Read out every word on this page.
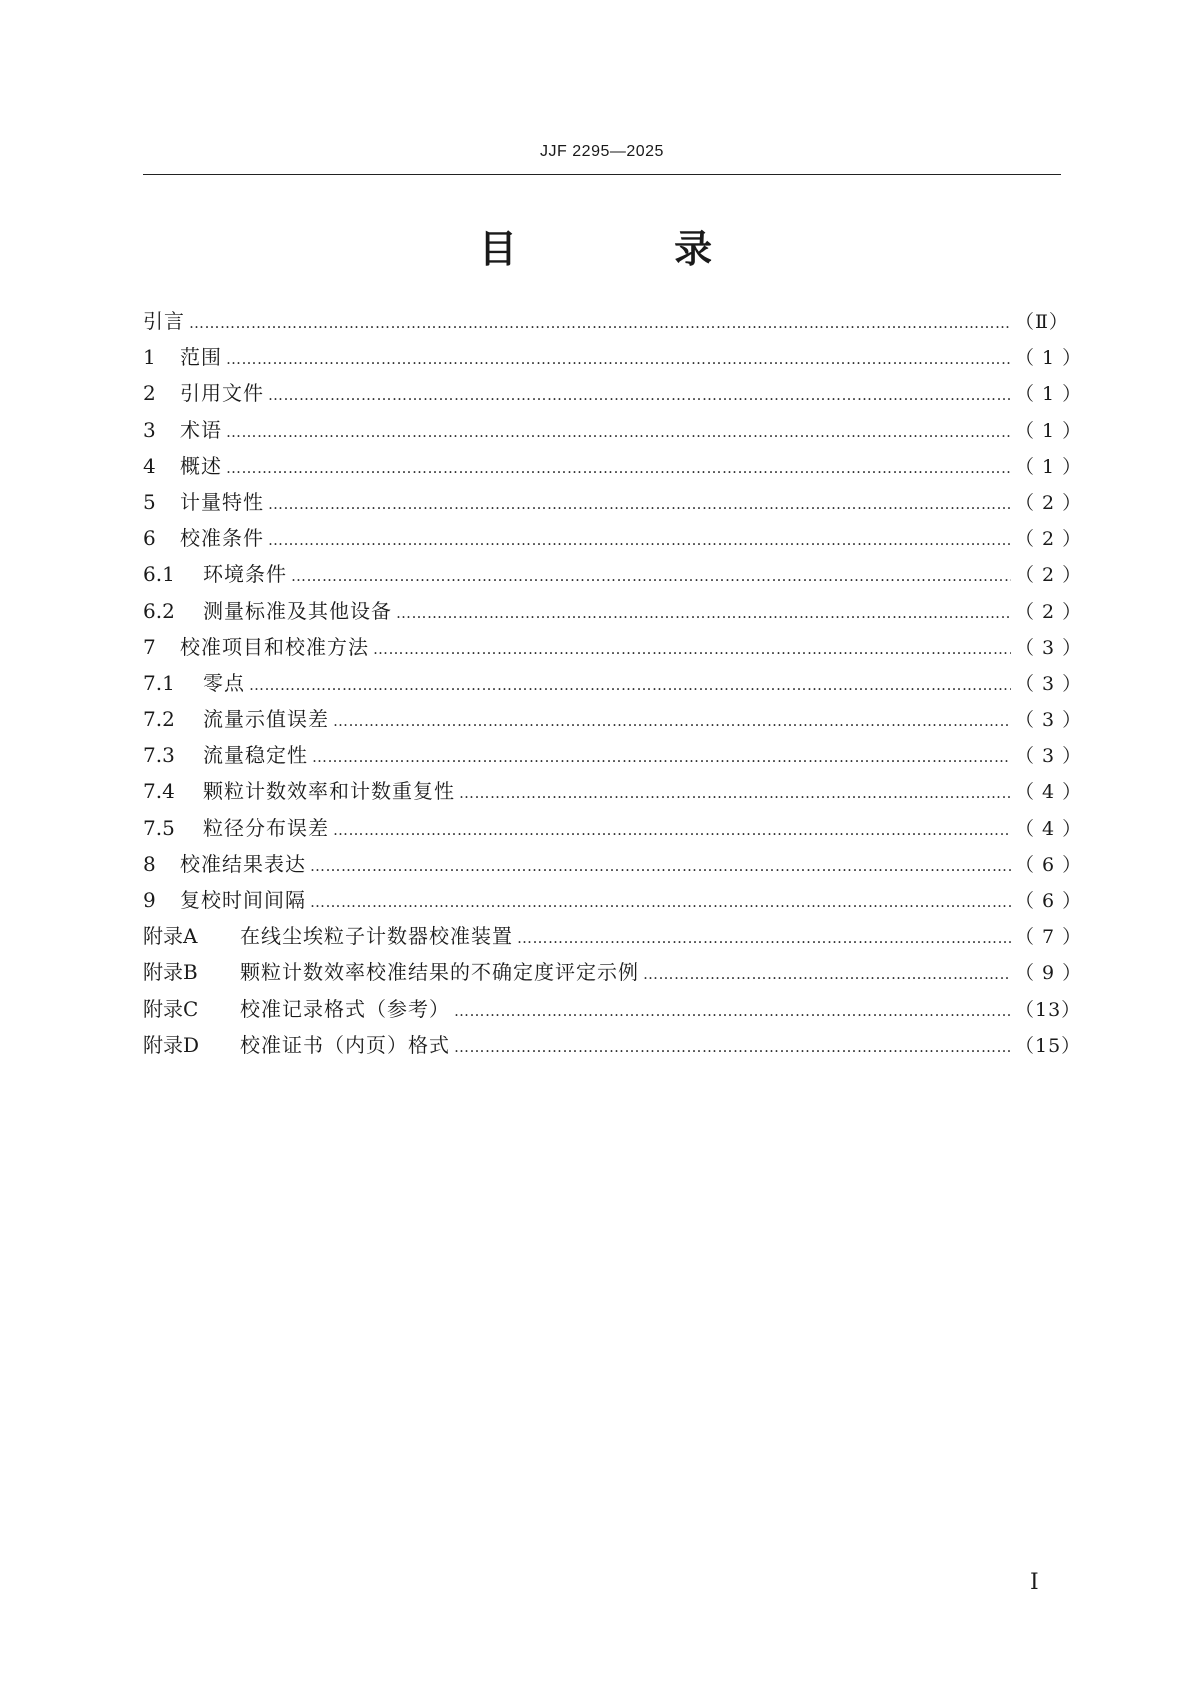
JJF 2295—2025
目 录
引言 ……………………………………………………………………………………………………………………………………………………………………………………………………………………	（Ⅱ）
1	范围 ……………………………………………………………………………………………………………………………………………………………………………………………………………………	（ 1 ）
2	引用文件 ……………………………………………………………………………………………………………………………………………………………………………………………………………………	（ 1 ）
3	术语 ……………………………………………………………………………………………………………………………………………………………………………………………………………………	（ 1 ）
4	概述 ……………………………………………………………………………………………………………………………………………………………………………………………………………………	（ 1 ）
5	计量特性 ……………………………………………………………………………………………………………………………………………………………………………………………………………………	（ 2 ）
6	校准条件 ……………………………………………………………………………………………………………………………………………………………………………………………………………………	（ 2 ）
6.1	环境条件 ……………………………………………………………………………………………………………………………………………………………………………………………………………………	（ 2 ）
6.2	测量标准及其他设备 ……………………………………………………………………………………………………………………………………………………………………………………………………………………	（ 2 ）
7	校准项目和校准方法 ……………………………………………………………………………………………………………………………………………………………………………………………………………………	（ 3 ）
7.1	零点 ……………………………………………………………………………………………………………………………………………………………………………………………………………………	（ 3 ）
7.2	流量示值误差 ……………………………………………………………………………………………………………………………………………………………………………………………………………………	（ 3 ）
7.3	流量稳定性 ……………………………………………………………………………………………………………………………………………………………………………………………………………………	（ 3 ）
7.4	颗粒计数效率和计数重复性 ……………………………………………………………………………………………………………………………………………………………………………………………………………………	（ 4 ）
7.5	粒径分布误差 ……………………………………………………………………………………………………………………………………………………………………………………………………………………	（ 4 ）
8	校准结果表达 ……………………………………………………………………………………………………………………………………………………………………………………………………………………	（ 6 ）
9	复校时间间隔 ……………………………………………………………………………………………………………………………………………………………………………………………………………………	（ 6 ）
附录A	在线尘埃粒子计数器校准装置 ……………………………………………………………………………………………………………………………………………………………………………………………………………………	（ 7 ）
附录B	颗粒计数效率校准结果的不确定度评定示例 ……………………………………………………………………………………………………………………………………………………………………………………………………………………	（ 9 ）
附录C	校准记录格式（参考） ……………………………………………………………………………………………………………………………………………………………………………………………………………………	（13）
附录D	校准证书（内页）格式 ……………………………………………………………………………………………………………………………………………………………………………………………………………………	（15）
Ⅰ
